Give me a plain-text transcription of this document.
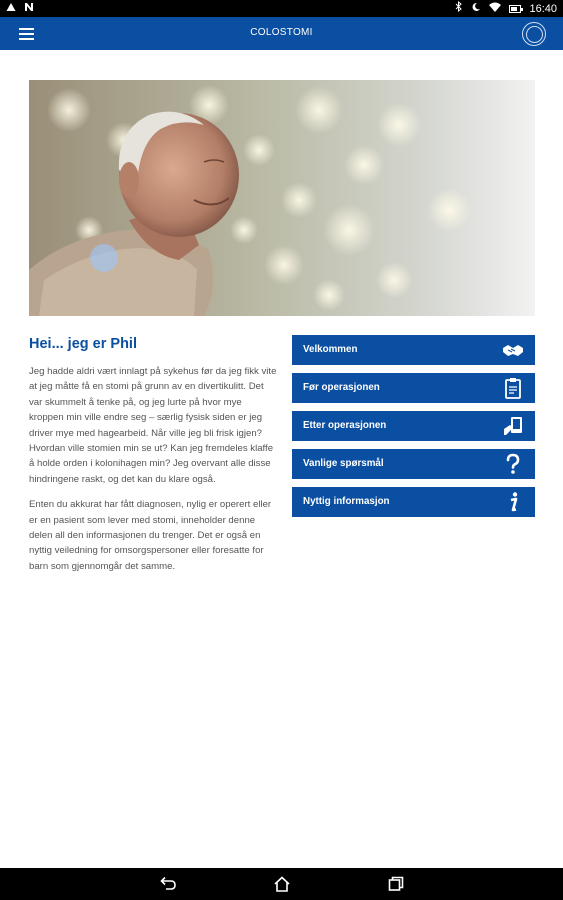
16:40
COLOSTOMI
Hei... jeg er Phil

Jeg hadde aldri vært innlagt på sykehus før da jeg fikk vite at jeg måtte få en stomi på grunn av en divertikulitt. Det var skummelt å tenke på, og jeg lurte på hvor mye kroppen min ville endre seg – særlig fysisk siden er jeg driver mye med hagearbeid. Når ville jeg bli frisk igjen? Hvordan ville stomien min se ut? Kan jeg fremdeles klaffe å holde orden i kolonihagen min? Jeg overvant alle disse hindringene raskt, og det kan du klare også.

Enten du akkurat har fått diagnosen, nylig er operert eller er en pasient som lever med stomi, inneholder denne delen all den informasjonen du trenger. Det er også en nyttig veiledning for omsorgspersoner eller foresatte for barn som gjennomgår det samme.

Velkommen
Før operasjonen
Etter operasjonen
Vanlige spørsmål
Nyttig informasjon
